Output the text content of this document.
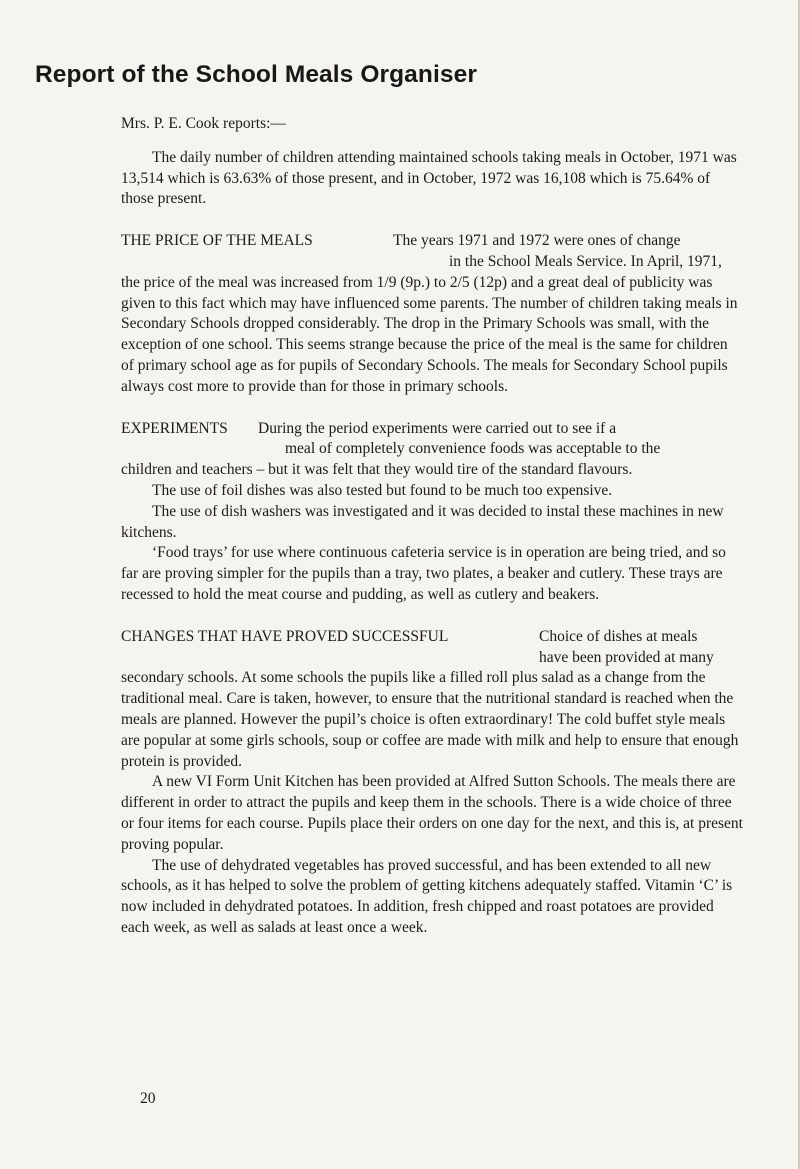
Report of the School Meals Organiser

Mrs. P. E. Cook reports:—

The daily number of children attending maintained schools taking meals in October, 1971 was 13,514 which is 63.63% of those present, and in October, 1972 was 16,108 which is 75.64% of those present.

THE PRICE OF THE MEALS	The years 1971 and 1972 were ones of change

in the School Meals Service. In April, 1971,

the price of the meal was increased from 1/9 (9p.) to 2/5 (12p) and a great deal of publicity was given to this fact which may have influenced some parents. The number of children taking meals in Secondary Schools dropped considerably. The drop in the Primary Schools was small, with the exception of one school. This seems strange because the price of the meal is the same for children of primary school age as for pupils of Secondary Schools. The meals for Secondary School pupils always cost more to provide than for those in primary schools.

EXPERIMENTS	During the period experiments were carried out to see if a

meal of completely convenience foods was acceptable to the

children and teachers – but it was felt that they would tire of the standard flavours.

The use of foil dishes was also tested but found to be much too expensive.

The use of dish washers was investigated and it was decided to instal these machines in new kitchens.

‘Food trays’ for use where continuous cafeteria service is in operation are being tried, and so far are proving simpler for the pupils than a tray, two plates, a beaker and cutlery. These trays are recessed to hold the meat course and pudding, as well as cutlery and beakers.

CHANGES THAT HAVE PROVED SUCCESSFUL	Choice of dishes at meals

have been provided at many

secondary schools. At some schools the pupils like a filled roll plus salad as a change from the traditional meal. Care is taken, however, to ensure that the nutritional standard is reached when the meals are planned. However the pupil’s choice is often extraordinary! The cold buffet style meals are popular at some girls schools, soup or coffee are made with milk and help to ensure that enough protein is provided.

A new VI Form Unit Kitchen has been provided at Alfred Sutton Schools. The meals there are different in order to attract the pupils and keep them in the schools. There is a wide choice of three or four items for each course. Pupils place their orders on one day for the next, and this is, at present proving popular.

The use of dehydrated vegetables has proved successful, and has been extended to all new schools, as it has helped to solve the problem of getting kitchens adequately staffed. Vitamin ‘C’ is now included in dehydrated potatoes. In addition, fresh chipped and roast potatoes are provided each week, as well as salads at least once a week.

20
